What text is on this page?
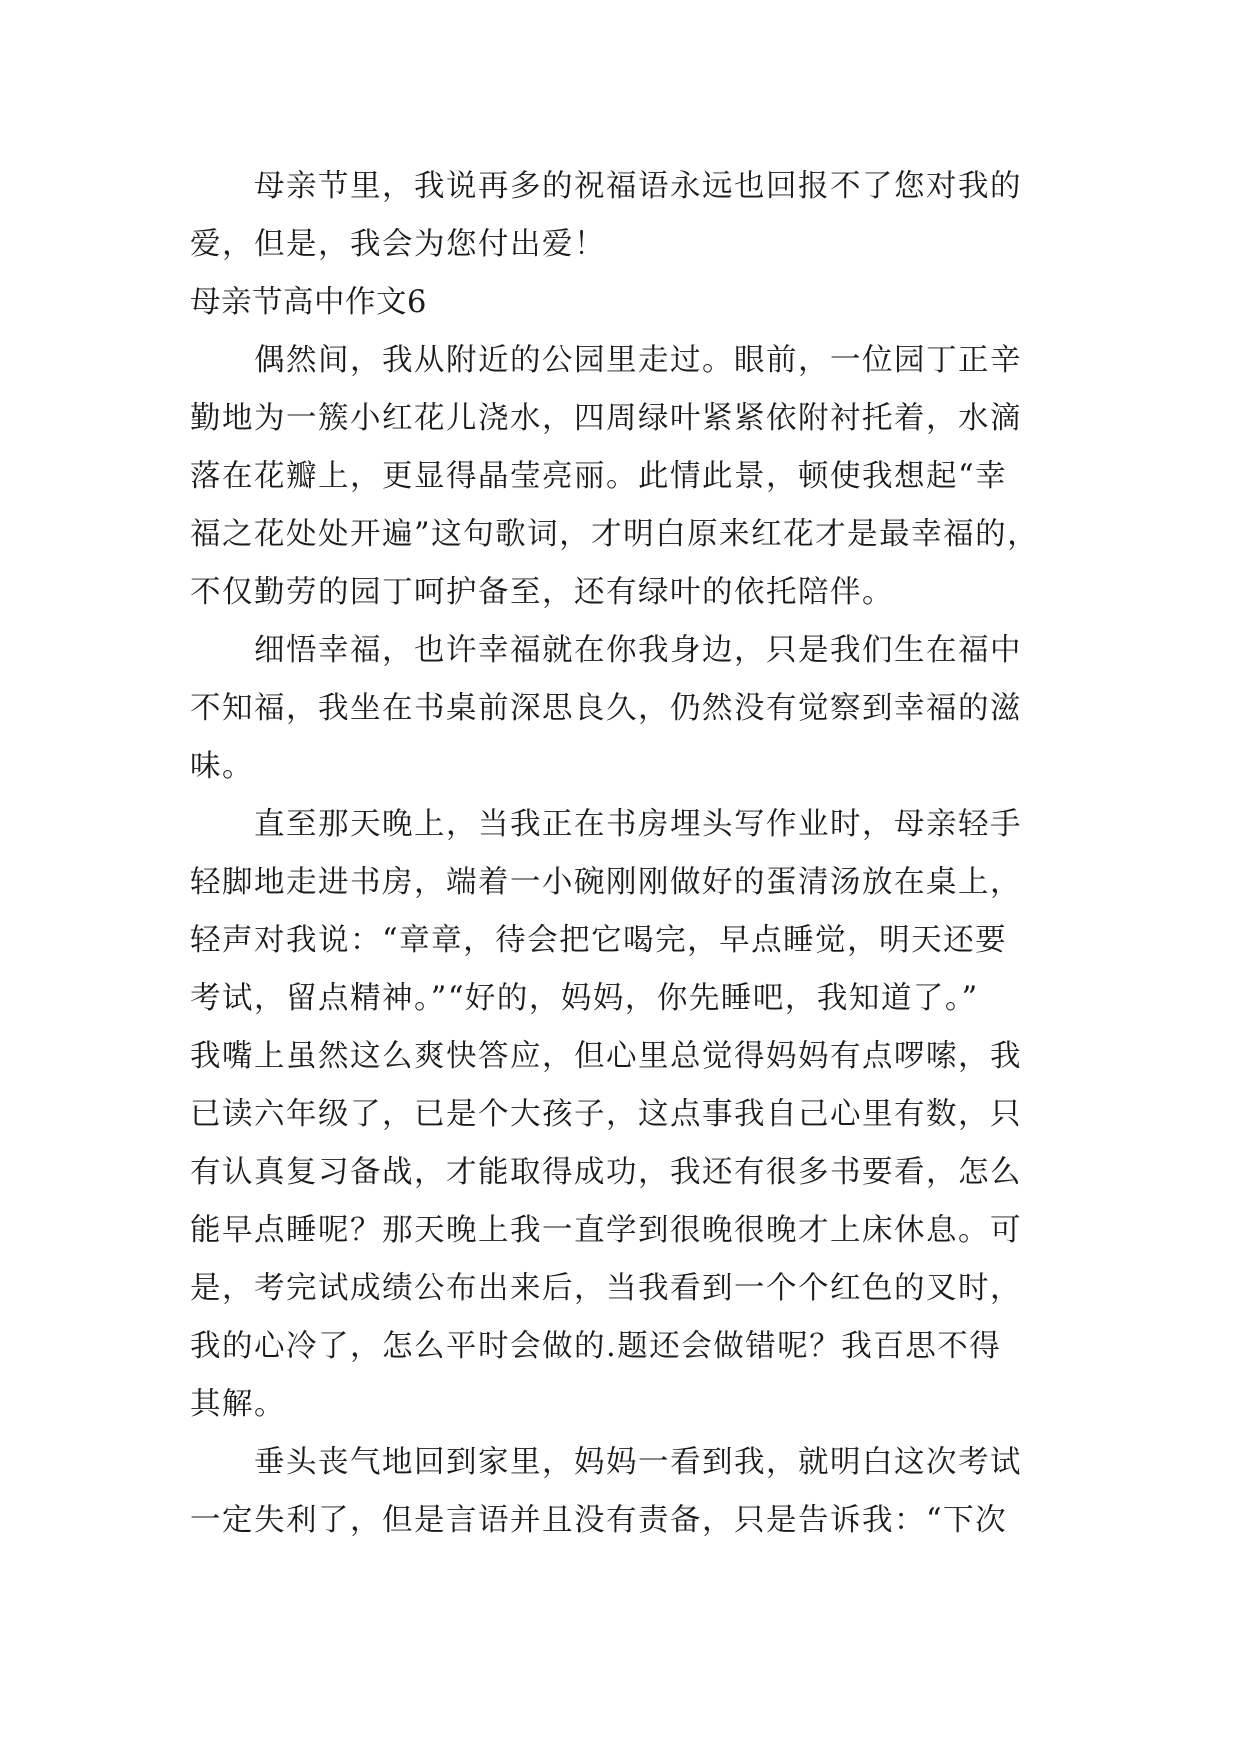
母亲节里，我说再多的祝福语永远也回报不了您对我的
爱，但是，我会为您付出爱！
母亲节高中作文6
偶然间，我从附近的公园里走过。眼前，一位园丁正辛
勤地为一簇小红花儿浇水，四周绿叶紧紧依附衬托着，水滴
落在花瓣上，更显得晶莹亮丽。此情此景，顿使我想起“幸
福之花处处开遍”这句歌词，才明白原来红花才是最幸福的，
不仅勤劳的园丁呵护备至，还有绿叶的依托陪伴。
细悟幸福，也许幸福就在你我身边，只是我们生在福中
不知福，我坐在书桌前深思良久，仍然没有觉察到幸福的滋
味。
直至那天晚上，当我正在书房埋头写作业时，母亲轻手
轻脚地走进书房，端着一小碗刚刚做好的蛋清汤放在桌上，
轻声对我说：“章章，待会把它喝完，早点睡觉，明天还要
考试，留点精神。”“好的，妈妈，你先睡吧，我知道了。”
我嘴上虽然这么爽快答应，但心里总觉得妈妈有点啰嗦，我
已读六年级了，已是个大孩子，这点事我自己心里有数，只
有认真复习备战，才能取得成功，我还有很多书要看，怎么
能早点睡呢？那天晚上我一直学到很晚很晚才上床休息。可
是，考完试成绩公布出来后，当我看到一个个红色的叉时，
我的心冷了，怎么平时会做的.题还会做错呢？我百思不得
其解。
垂头丧气地回到家里，妈妈一看到我，就明白这次考试
一定失利了，但是言语并且没有责备，只是告诉我：“下次
